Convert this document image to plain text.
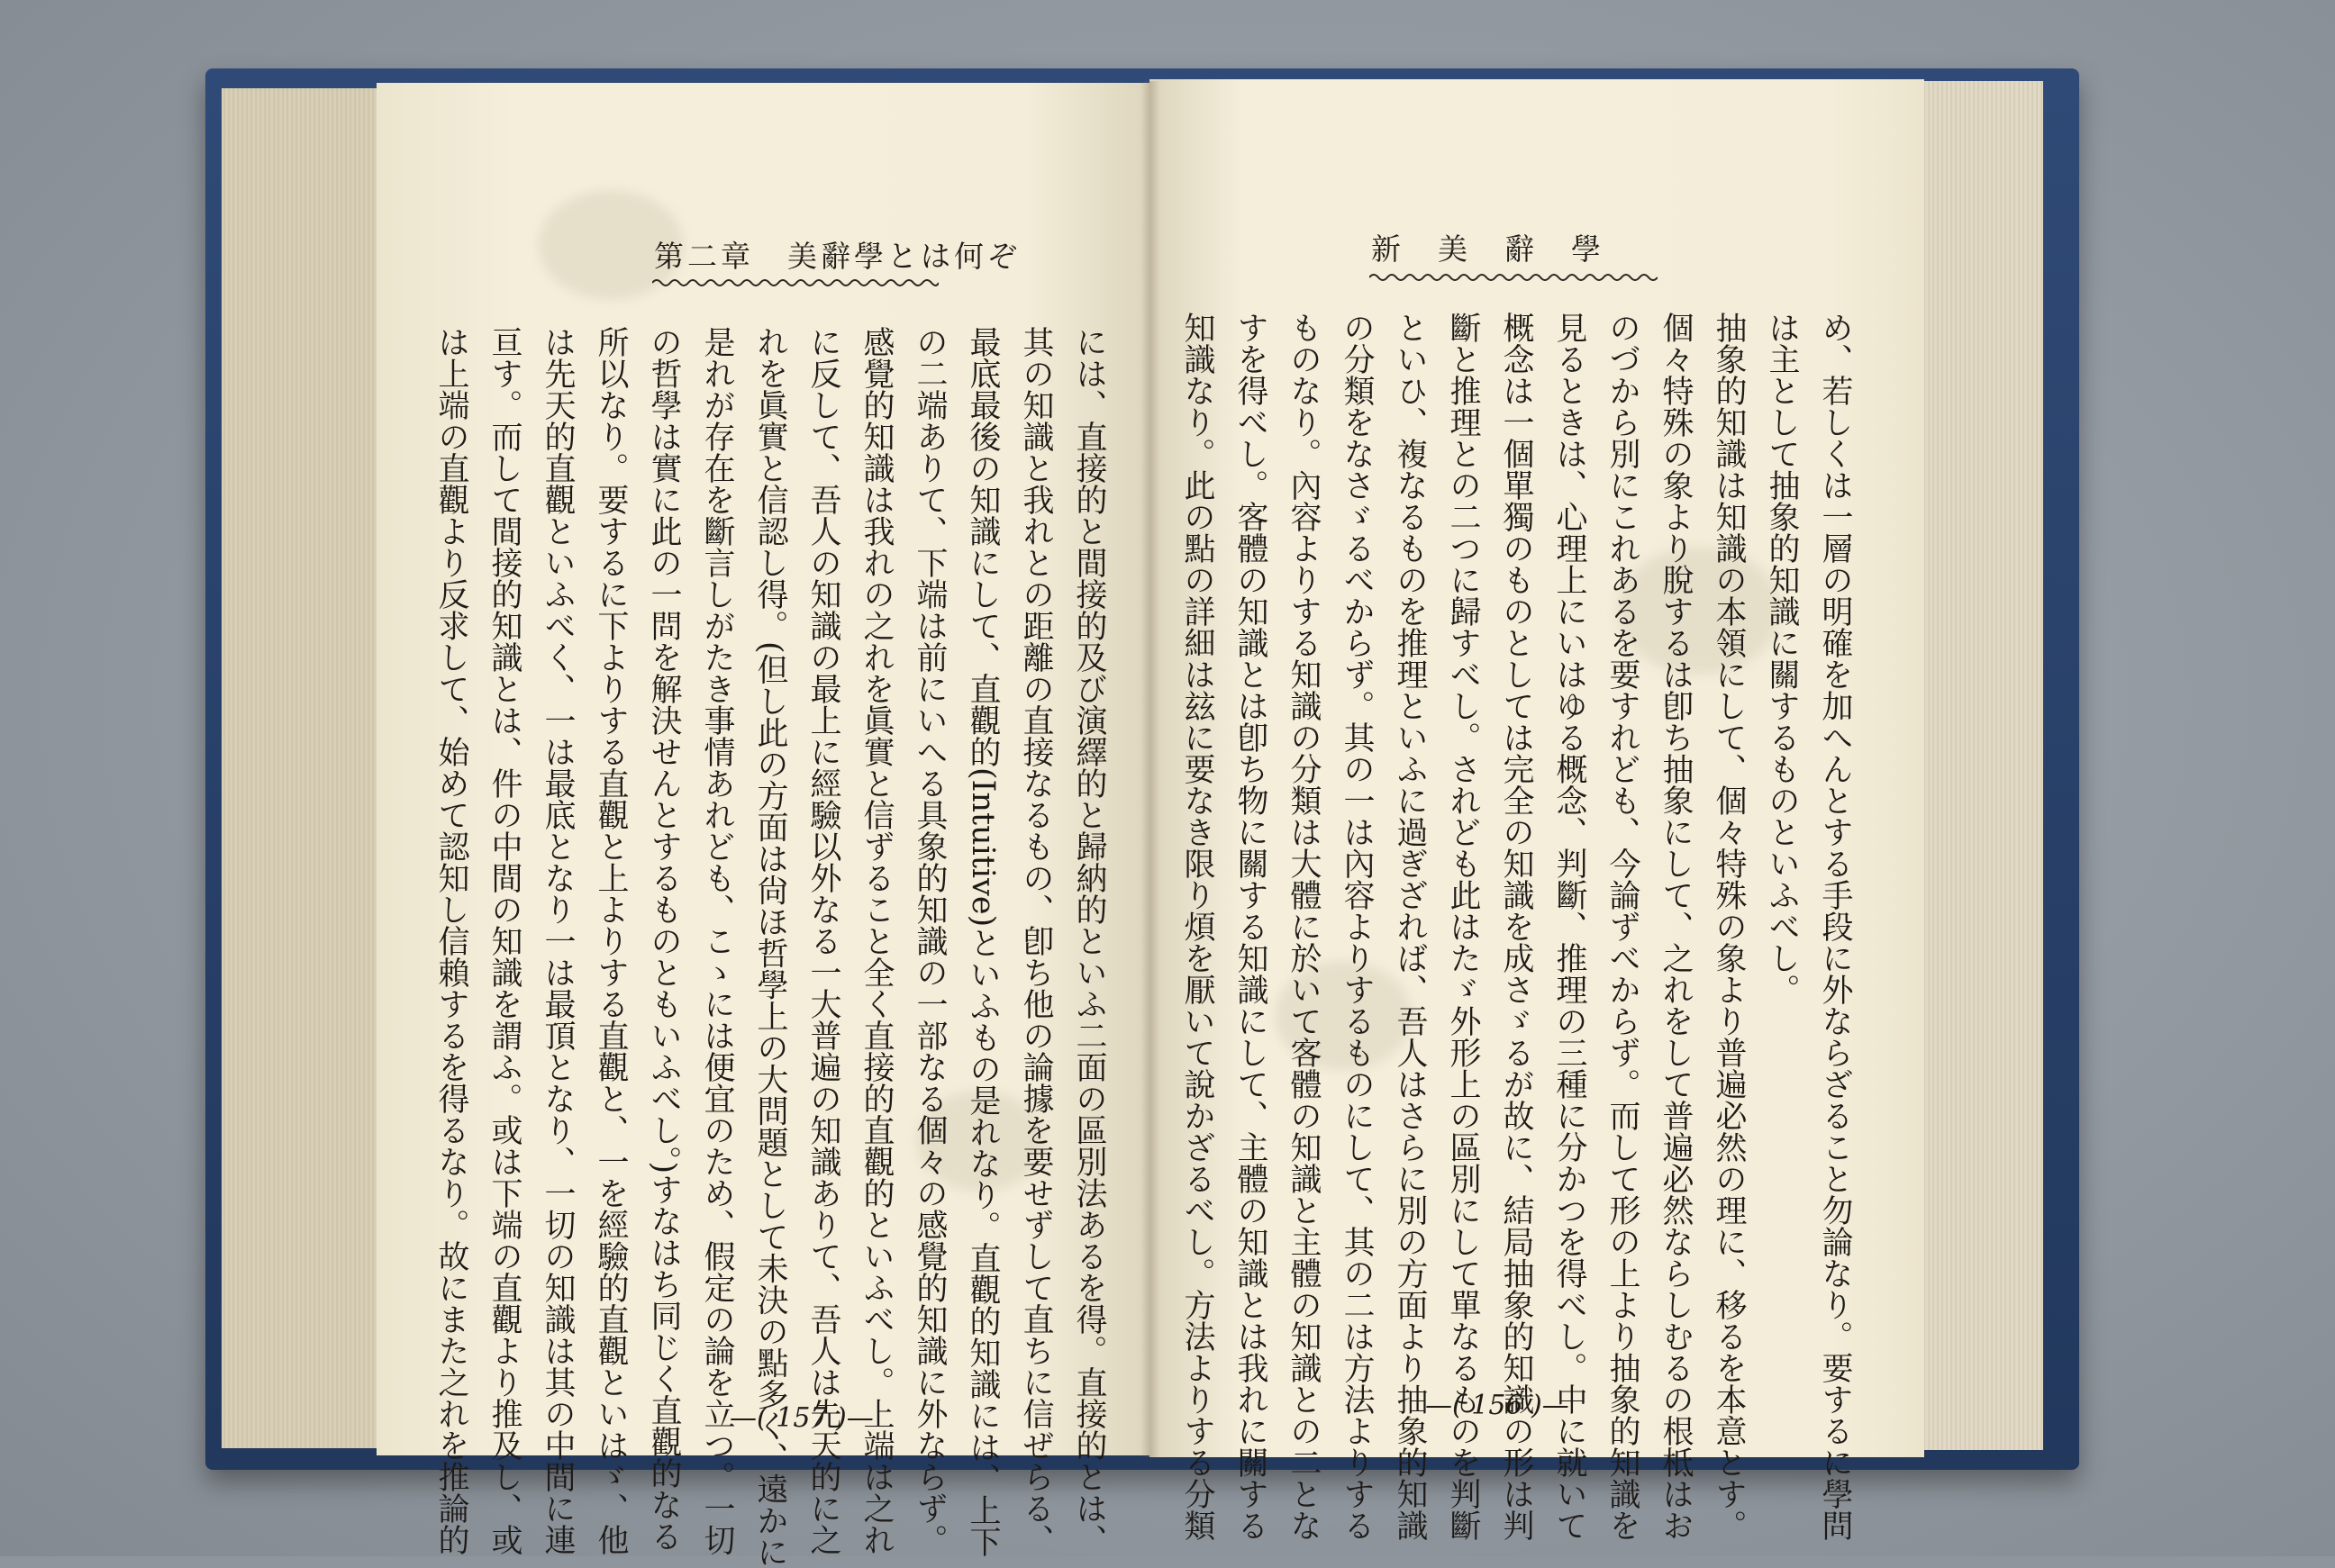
第二章　美辭學とは何ぞ
には、直接的と間接的及び演繹的と歸納的といふ二面の區別法あるを得。直接的とは、
其の知識と我れとの距離の直接なるもの、卽ち他の論據を要せずして直ちに信ぜらる、
最底最後の知識にして、直觀的(Intuitive)といふもの是れなり。直觀的知識には、上下
の二端ありて、下端は前にいへる具象的知識の一部なる個々の感覺的知識に外ならず。
感覺的知識は我れの之れを眞實と信ずること全く直接的直觀的といふべし。上端は之れ
に反して、吾人の知識の最上に經驗以外なる一大普遍の知識ありて、吾人は先天的に之
れを眞實と信認し得。(但し此の方面は尙ほ哲學上の大問題として未決の點多く、遠かに
是れが存在を斷言しがたき事情あれども、こゝには便宜のため、假定の論を立つ。一切
の哲學は實に此の一問を解決せんとするものともいふべし。)すなはち同じく直觀的なる
所以なり。要するに下よりする直觀と上よりする直觀と、一を經驗的直觀といはゞ、他
は先天的直觀といふべく、一は最底となり一は最頂となり、一切の知識は其の中間に連
亘す。而して間接的知識とは、件の中間の知識を謂ふ。或は下端の直觀より推及し、或
は上端の直觀より反求して、始めて認知し信賴するを得るなり。故にまた之れを推論的	—( 157 )—
新　美　辭　學
め、若しくは一層の明確を加へんとする手段に外ならざること勿論なり。要するに學問
は主として抽象的知識に關するものといふべし。
抽象的知識は知識の本領にして、個々特殊の象より普遍必然の理に、移るを本意とす。
個々特殊の象より脫するは卽ち抽象にして、之れをして普遍必然ならしむるの根柢はお
のづから別にこれあるを要すれども、今論ずべからず。而して形の上より抽象的知識を
見るときは、心理上にいはゆる概念、判斷、推理の三種に分かつを得べし。中に就いて
概念は一個單獨のものとしては完全の知識を成さゞるが故に、結局抽象的知識の形は判
斷と推理との二つに歸すべし。されども此はたゞ外形上の區別にして單なるものを判斷
といひ、複なるものを推理といふに過ぎざれば、吾人はさらに別の方面より抽象的知識
の分類をなさゞるべからず。其の一は內容よりするものにして、其の二は方法よりする
ものなり。內容よりする知識の分類は大體に於いて客體の知識と主體の知識との二とな
すを得べし。客體の知識とは卽ち物に關する知識にして、主體の知識とは我れに關する
知識なり。此の點の詳細は玆に要なき限り煩を厭いて說かざるべし。方法よりする分類	—( 156 )—
